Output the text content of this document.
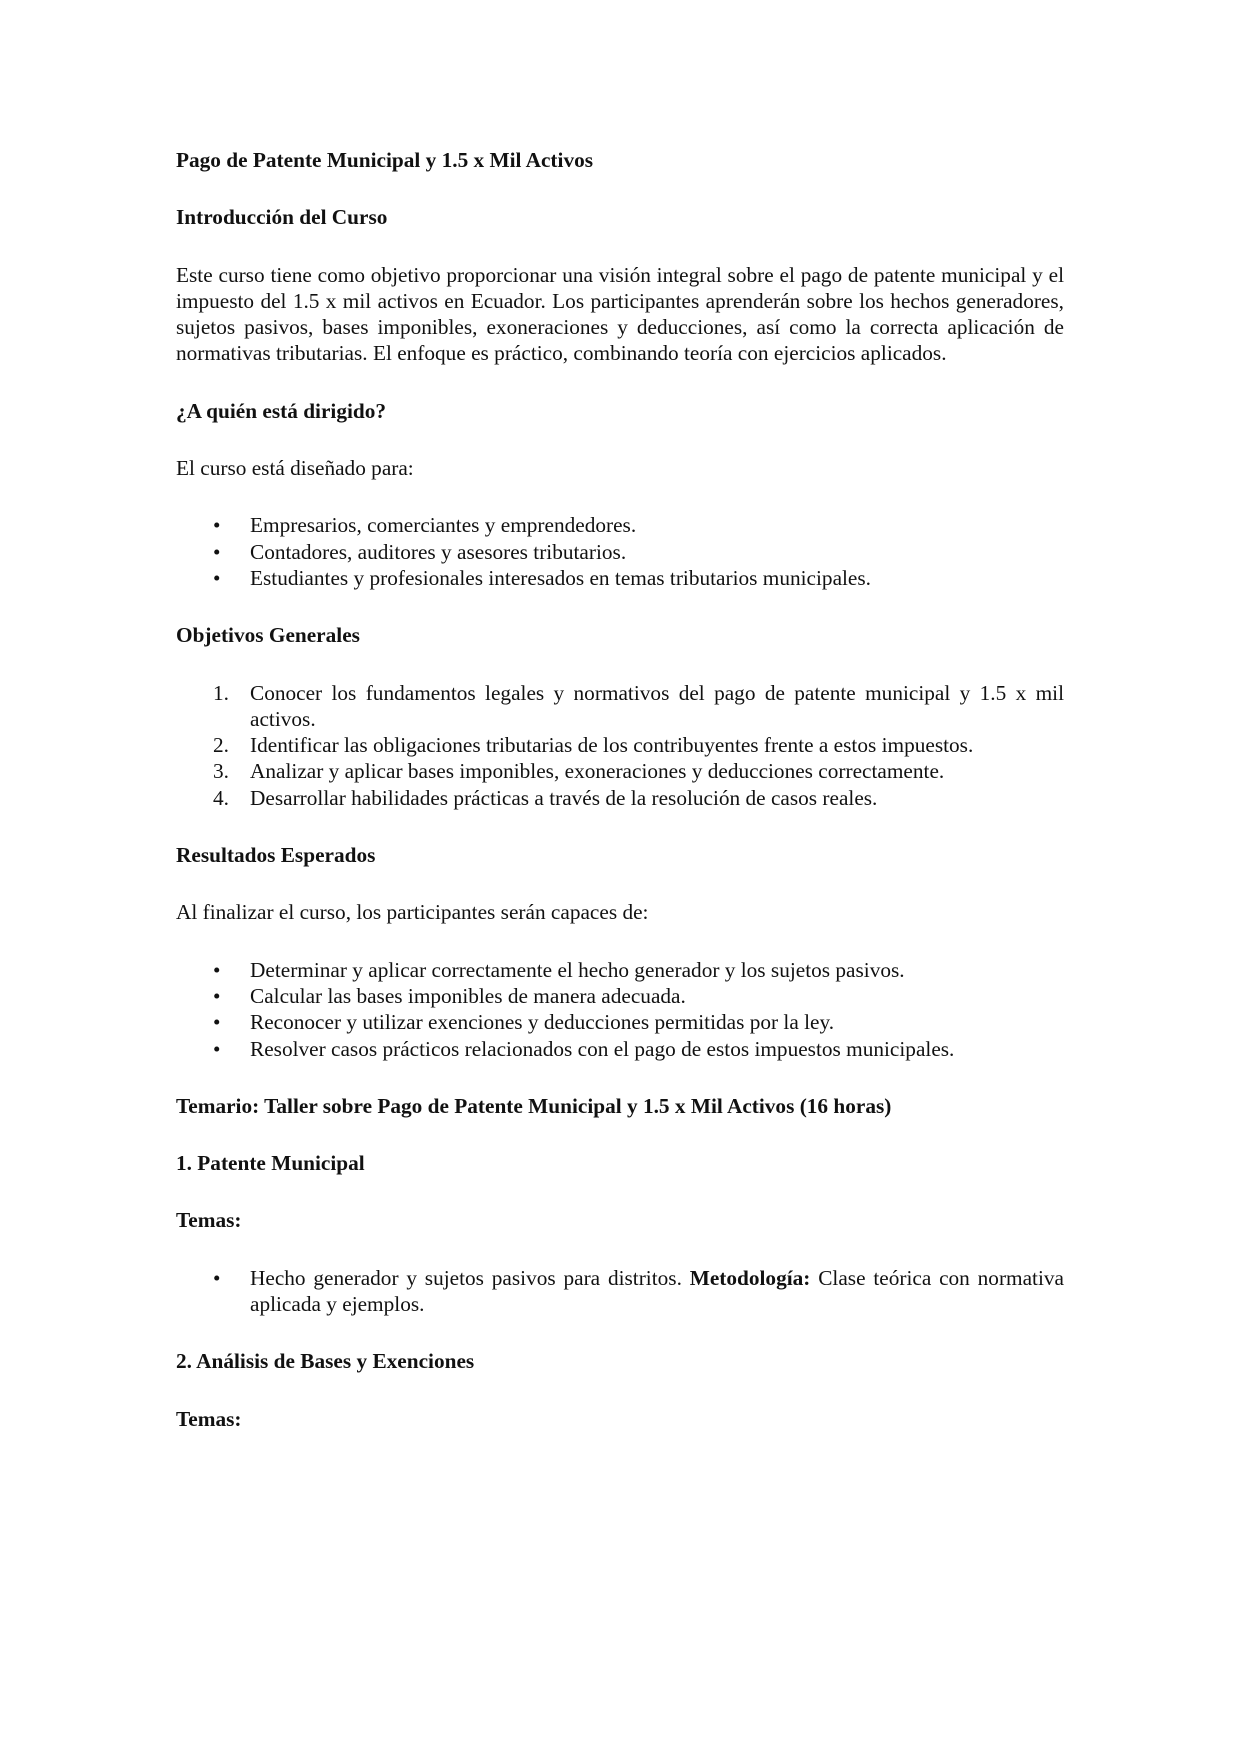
Pago de Patente Municipal y 1.5 x Mil Activos
Introducción del Curso

Este curso tiene como objetivo proporcionar una visión integral sobre el pago de patente municipal y el impuesto del 1.5 x mil activos en Ecuador. Los participantes aprenderán sobre los hechos generadores, sujetos pasivos, bases imponibles, exoneraciones y deducciones, así como la correcta aplicación de normativas tributarias. El enfoque es práctico, combinando teoría con ejercicios aplicados.

¿A quién está dirigido?

El curso está diseñado para:

•
Empresarios, comerciantes y emprendedores.
•
Contadores, auditores y asesores tributarios.
•
Estudiantes y profesionales interesados en temas tributarios municipales.
Objetivos Generales
1. Conocer los fundamentos legales y normativos del pago de patente municipal y 1.5 x mil activos.
2. Identificar las obligaciones tributarias de los contribuyentes frente a estos impuestos.
3. Analizar y aplicar bases imponibles, exoneraciones y deducciones correctamente.
4. Desarrollar habilidades prácticas a través de la resolución de casos reales.
Resultados Esperados

Al finalizar el curso, los participantes serán capaces de:

•
Determinar y aplicar correctamente el hecho generador y los sujetos pasivos.
•
Calcular las bases imponibles de manera adecuada.
•
Reconocer y utilizar exenciones y deducciones permitidas por la ley.
•
Resolver casos prácticos relacionados con el pago de estos impuestos municipales.
Temario: Taller sobre Pago de Patente Municipal y 1.5 x Mil Activos (16 horas)
1. Patente Municipal
Temas:
•
Hecho generador y sujetos pasivos para distritos. Metodología: Clase teórica con normativa aplicada y ejemplos.
2. Análisis de Bases y Exenciones
Temas:
